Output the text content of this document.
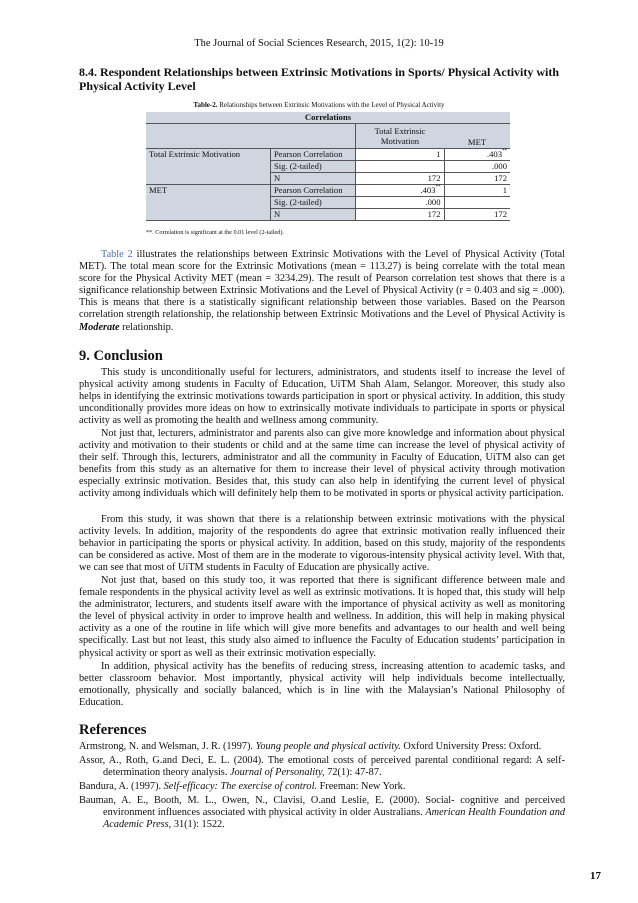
The Journal of Social Sciences Research, 2015, 1(2): 10-19
8.4. Respondent Relationships between Extrinsic Motivations in Sports/ Physical Activity with Physical Activity Level
Table-2. Relationships between Extrinsic Motivations with the Level of Physical Activity
Correlations			
		Total Extrinsic Motivation	MET
Total Extrinsic Motivation	Pearson Correlation	1	.403**
	Sig. (2-tailed)		.000
	N	172	172
MET	Pearson Correlation	.403**	1
	Sig. (2-tailed)	.000	
	N	172	172
**. Correlation is significant at the 0.01 level (2-tailed).
Table 2 illustrates the relationships between Extrinsic Motivations with the Level of Physical Activity (Total MET). The total mean score for the Extrinsic Motivations (mean = 113.27) is being correlate with the total mean score for the Physical Activity MET (mean = 3234.29). The result of Pearson correlation test shows that there is a significance relationship between Extrinsic Motivations and the Level of Physical Activity (r = 0.403 and sig = .000). This is means that there is a statistically significant relationship between those variables. Based on the Pearson correlation strength relationship, the relationship between Extrinsic Motivations and the Level of Physical Activity is Moderate relationship.
9. Conclusion
This study is unconditionally useful for lecturers, administrators, and students itself to increase the level of physical activity among students in Faculty of Education, UiTM Shah Alam, Selangor. Moreover, this study also helps in identifying the extrinsic motivations towards participation in sport or physical activity. In addition, this study unconditionally provides more ideas on how to extrinsically motivate individuals to participate in sports or physical activity as well as promoting the health and wellness among community.
Not just that, lecturers, administrator and parents also can give more knowledge and information about physical activity and motivation to their students or child and at the same time can increase the level of physical activity of their self. Through this, lecturers, administrator and all the community in Faculty of Education, UiTM also can get benefits from this study as an alternative for them to increase their level of physical activity through motivation especially extrinsic motivation. Besides that, this study can also help in identifying the current level of physical activity among individuals which will definitely help them to be motivated in sports or physical activity participation.
From this study, it was shown that there is a relationship between extrinsic motivations with the physical activity levels. In addition, majority of the respondents do agree that extrinsic motivation really influenced their behavior in participating the sports or physical activity. In addition, based on this study, majority of the respondents can be considered as active. Most of them are in the moderate to vigorous-intensity physical activity level. With that, we can see that most of UiTM students in Faculty of Education are physically active.
Not just that, based on this study too, it was reported that there is significant difference between male and female respondents in the physical activity level as well as extrinsic motivations. It is hoped that, this study will help the administrator, lecturers, and students itself aware with the importance of physical activity as well as monitoring the level of physical activity in order to improve health and wellness. In addition, this will help in making physical activity as a one of the routine in life which will give more benefits and advantages to our health and well being specifically. Last but not least, this study also aimed to influence the Faculty of Education students’ participation in physical activity or sport as well as their extrinsic motivation especially.
In addition, physical activity has the benefits of reducing stress, increasing attention to academic tasks, and better classroom behavior. Most importantly, physical activity will help individuals become intellectually, emotionally, physically and socially balanced, which is in line with the Malaysian’s National Philosophy of Education.
References
Armstrong, N. and Welsman, J. R. (1997). Young people and physical activity. Oxford University Press: Oxford.
Assor, A., Roth, G.and Deci, E. L. (2004). The emotional costs of perceived parental conditional regard: A self-determination theory analysis. Journal of Personality, 72(1): 47-87.
Bandura, A. (1997). Self-efficacy: The exercise of control. Freeman: New York.
Bauman, A. E., Booth, M. L., Owen, N., Clavisi, O.and Leslie, E. (2000). Social- cognitive and perceived environment influences associated with physical activity in older Australians. American Health Foundation and Academic Press, 31(1): 1522.
17
